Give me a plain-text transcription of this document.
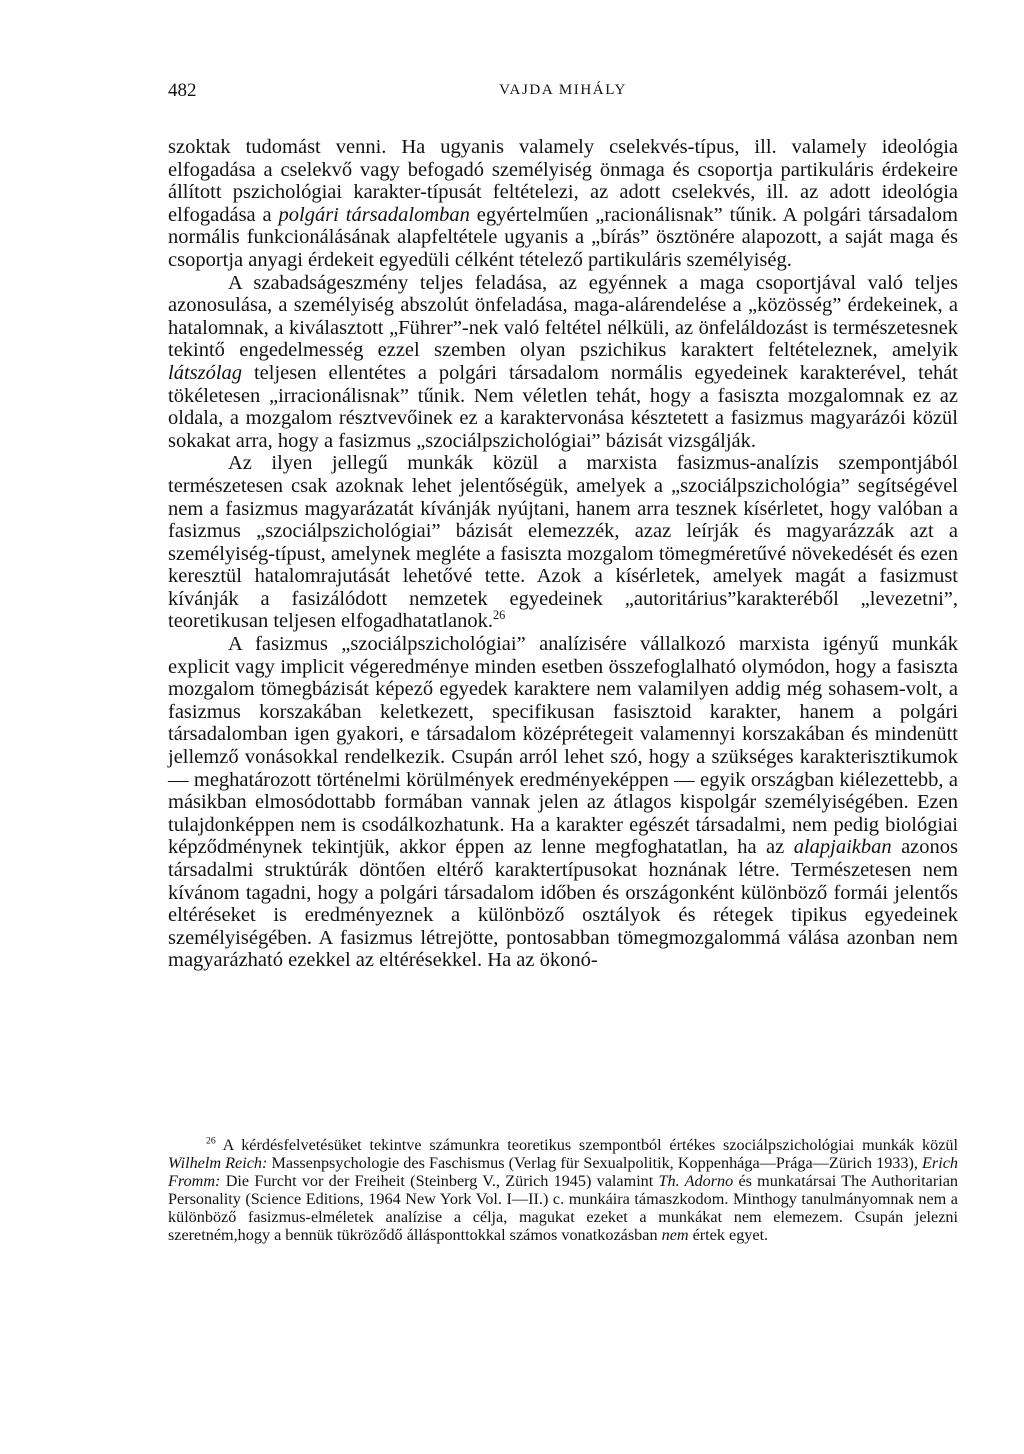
482	VAJDA MIHÁLY

szoktak tudomást venni. Ha ugyanis valamely cselekvés-típus, ill. valamely ideológia elfogadása a cselekvő vagy befogadó személyiség önmaga és csoportja partikuláris érdekeire állított pszichológiai karakter-típusát feltételezi, az adott cselekvés, ill. az adott ideológia elfogadása a polgári társadalomban egyértelműen „racionálisnak” tűnik. A polgári társadalom normális funkcionálásának alapfeltétele ugyanis a „bírás” ösztönére alapozott, a saját maga és csoportja anyagi érdekeit egyedüli célként tételező partikuláris személyiség.

A szabadságeszmény teljes feladása, az egyénnek a maga csoportjával való teljes azonosulása, a személyiség abszolút önfeladása, maga-alárendelése a „közösség” érdekeinek, a hatalomnak, a kiválasztott „Führer”-nek való feltétel nélküli, az önfeláldozást is természetesnek tekintő engedelmesség ezzel szemben olyan pszichikus karaktert feltételeznek, amelyik látszólag teljesen ellentétes a polgári társadalom normális egyedeinek karakterével, tehát tökéletesen „irracionálisnak” tűnik. Nem véletlen tehát, hogy a fasiszta mozgalomnak ez az oldala, a mozgalom résztvevőinek ez a karaktervonása késztetett a fasizmus magyarázói közül sokakat arra, hogy a fasizmus „szociálpszichológiai” bázisát vizsgálják.

Az ilyen jellegű munkák közül a marxista fasizmus-analízis szempontjából természetesen csak azoknak lehet jelentőségük, amelyek a „szociálpszichológia” segítségével nem a fasizmus magyarázatát kívánják nyújtani, hanem arra tesznek kísérletet, hogy valóban a fasizmus „szociálpszichológiai” bázisát elemezzék, azaz leírják és magyarázzák azt a személyiség-típust, amelynek megléte a fasiszta mozgalom tömegméretűvé növekedését és ezen keresztül hatalomrajutását lehetővé tette. Azok a kísérletek, amelyek magát a fasizmust kívánják a fasizálódott nemzetek egyedeinek „autoritárius”karakteréből „levezetni”, teoretikusan teljesen elfogadhatatlanok.$^{26}$

A fasizmus „szociálpszichológiai” analízisére vállalkozó marxista igényű munkák explicit vagy implicit végeredménye minden esetben összefoglalható olymódon, hogy a fasiszta mozgalom tömegbázisát képező egyedek karaktere nem valamilyen addig még sohasem-volt, a fasizmus korszakában keletkezett, specifikusan fasisztoid karakter, hanem a polgári társadalomban igen gyakori, e társadalom középrétegeit valamennyi korszakában és mindenütt jellemző vonásokkal rendelkezik. Csupán arról lehet szó, hogy a szükséges karakterisztikumok — meghatározott történelmi körülmények eredményeképpen — egyik országban kiélezettebb, a másikban elmosódottabb formában vannak jelen az átlagos kispolgár személyiségében. Ezen tulajdonképpen nem is csodálkozhatunk. Ha a karakter egészét társadalmi, nem pedig biológiai képződménynek tekintjük, akkor éppen az lenne megfoghatatlan, ha az alapjaikban azonos társadalmi struktúrák döntően eltérő karaktertípusokat hoznának létre. Természetesen nem kívánom tagadni, hogy a polgári társadalom időben és országonként különböző formái jelentős eltéréseket is eredményeznek a különböző osztályok és rétegek tipikus egyedeinek személyiségében. A fasizmus létrejötte, pontosabban tömegmozgalommá válása azonban nem magyarázható ezekkel az eltérésekkel. Ha az ökonó-

$^{26}$ A kérdésfelvetésüket tekintve számunkra teoretikus szempontból értékes szociálpszichológiai munkák közül Wilhelm Reich: Massenpsychologie des Faschismus (Verlag für Sexualpolitik, Koppenhága—Prága—Zürich 1933), Erich Fromm: Die Furcht vor der Freiheit (Steinberg V., Zürich 1945) valamint Th. Adorno és munkatársai The Authoritarian Personality (Science Editions, 1964 New York Vol. I—II.) c. munkáira támaszkodom. Minthogy tanulmányomnak nem a különböző fasizmus-elméletek analízise a célja, magukat ezeket a munkákat nem elemezem. Csupán jelezni szeretném,hogy a bennük tükröződő állásponttokkal számos vonatkozásban nem értek egyet.
